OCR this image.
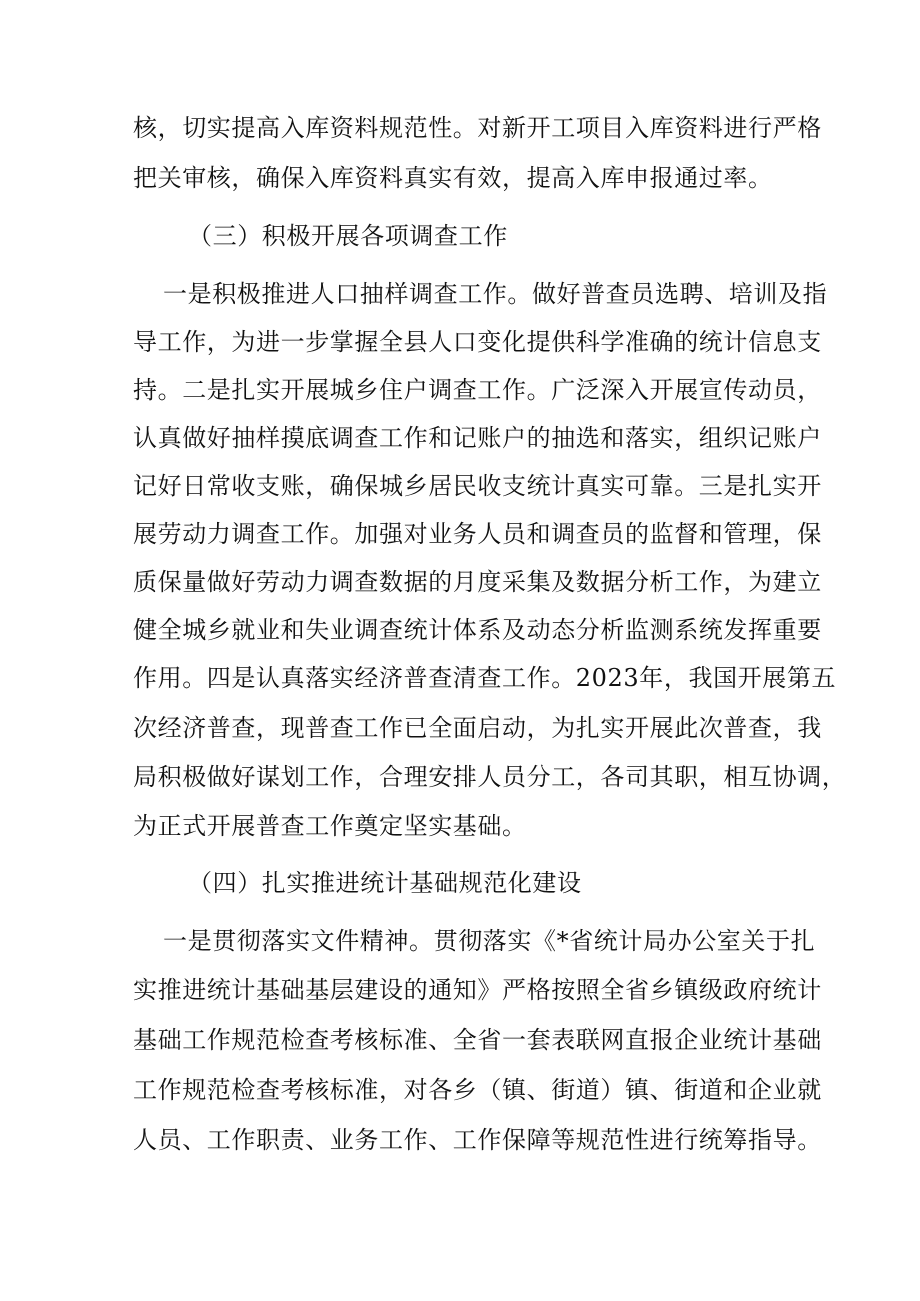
核，切实提高入库资料规范性。对新开工项目入库资料进行严格
把关审核，确保入库资料真实有效，提高入库申报通过率。
（三）积极开展各项调查工作
一是积极推进人口抽样调查工作。做好普查员选聘、培训及指
导工作，为进一步掌握全县人口变化提供科学准确的统计信息支
持。二是扎实开展城乡住户调查工作。广泛深入开展宣传动员，
认真做好抽样摸底调查工作和记账户的抽选和落实，组织记账户
记好日常收支账，确保城乡居民收支统计真实可靠。三是扎实开
展劳动力调查工作。加强对业务人员和调查员的监督和管理，保
质保量做好劳动力调查数据的月度采集及数据分析工作，为建立
健全城乡就业和失业调查统计体系及动态分析监测系统发挥重要
作用。四是认真落实经济普查清查工作。2023年，我国开展第五
次经济普查，现普查工作已全面启动，为扎实开展此次普查，我
局积极做好谋划工作，合理安排人员分工，各司其职，相互协调，
为正式开展普查工作奠定坚实基础。
（四）扎实推进统计基础规范化建设
一是贯彻落实文件精神。贯彻落实《*省统计局办公室关于扎
实推进统计基础基层建设的通知》严格按照全省乡镇级政府统计
基础工作规范检查考核标准、全省一套表联网直报企业统计基础
工作规范检查考核标准，对各乡（镇、街道）镇、街道和企业就
人员、工作职责、业务工作、工作保障等规范性进行统筹指导。
